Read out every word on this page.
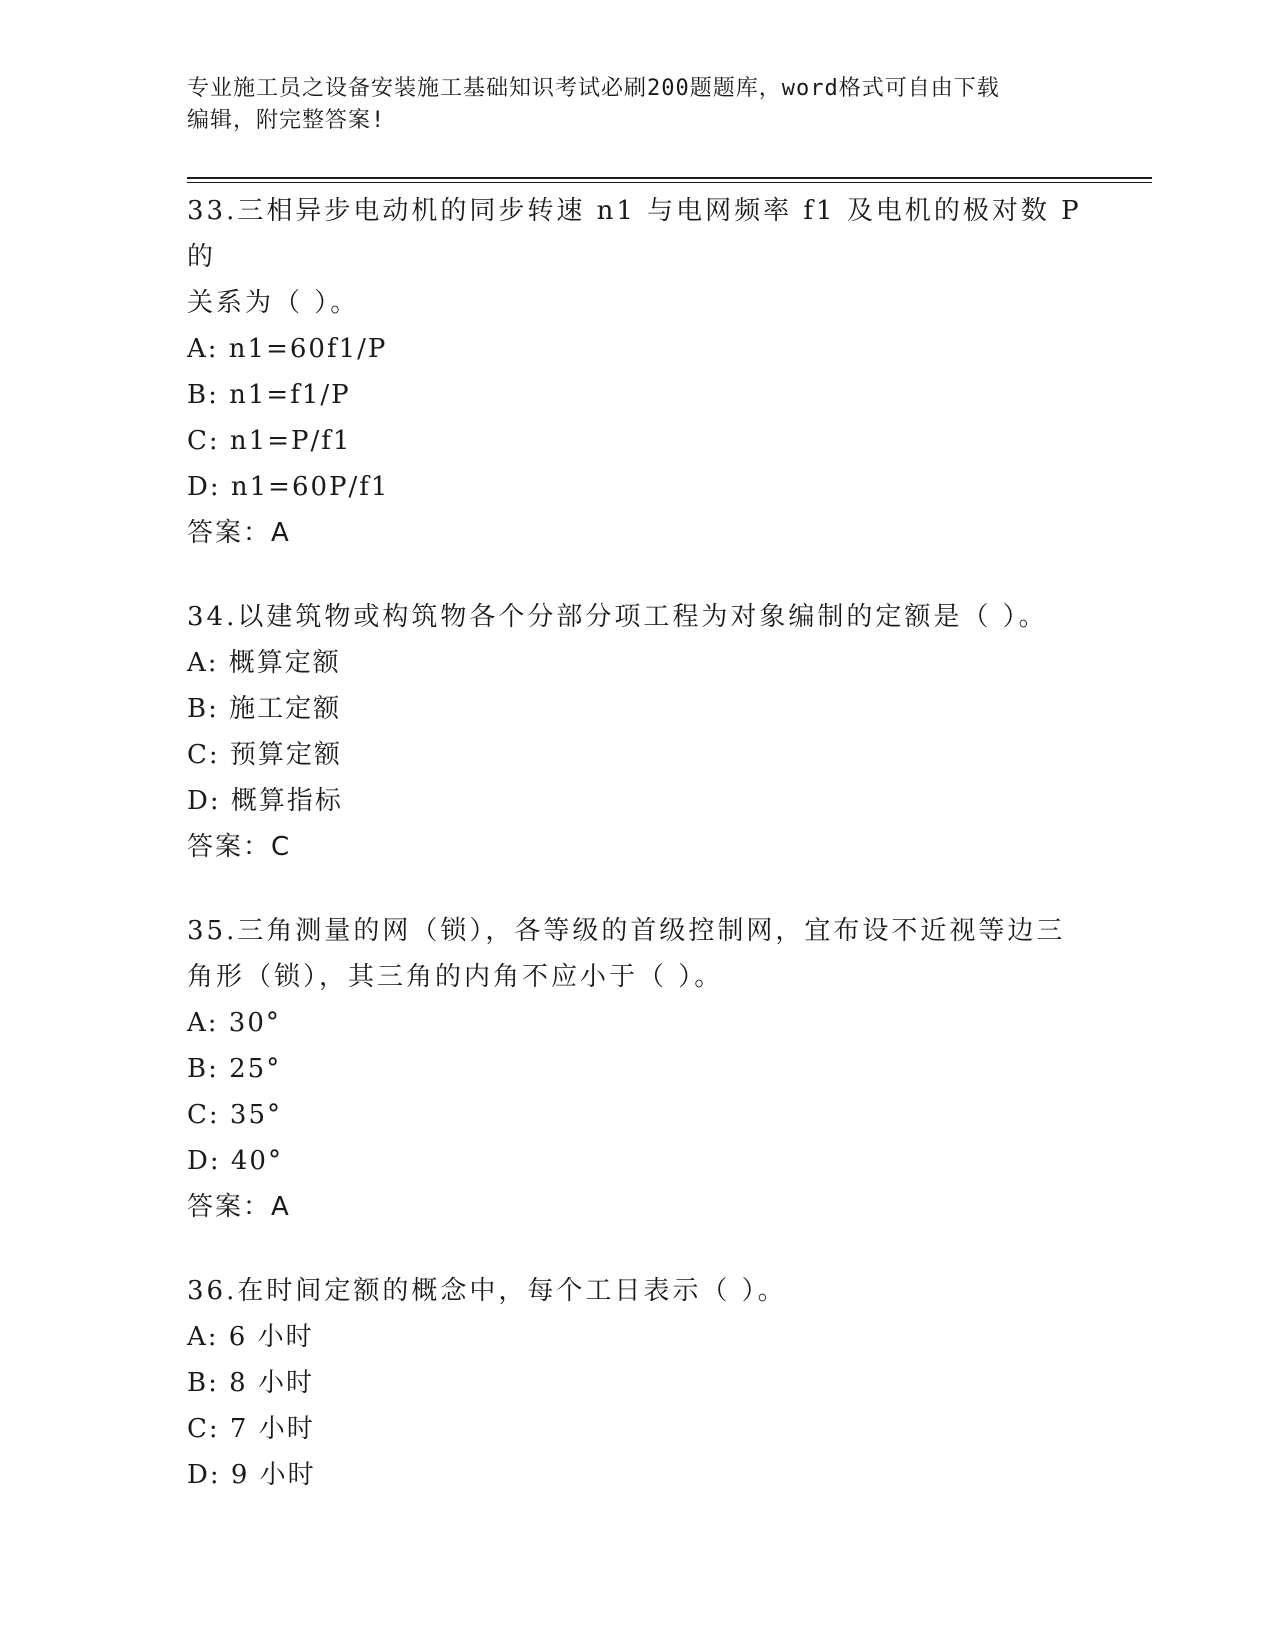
专业施工员之设备安装施工基础知识考试必刷200题题库，word格式可自由下载
编辑，附完整答案!

33.三相异步电动机的同步转速 n1 与电网频率 f1 及电机的极对数 P 的

关系为（ ）。

A: n1=60f1/P

B: n1=f1/P

C: n1=P/f1

D: n1=60P/f1

答案：A

34.以建筑物或构筑物各个分部分项工程为对象编制的定额是（ ）。

A: 概算定额

B: 施工定额

C: 预算定额

D: 概算指标

答案：C

35.三角测量的网（锁），各等级的首级控制网，宜布设不近视等边三

角形（锁），其三角的内角不应小于（ ）。

A: 30°

B: 25°

C: 35°

D: 40°

答案：A

36.在时间定额的概念中，每个工日表示（ ）。

A: 6 小时

B: 8 小时

C: 7 小时

D: 9 小时
